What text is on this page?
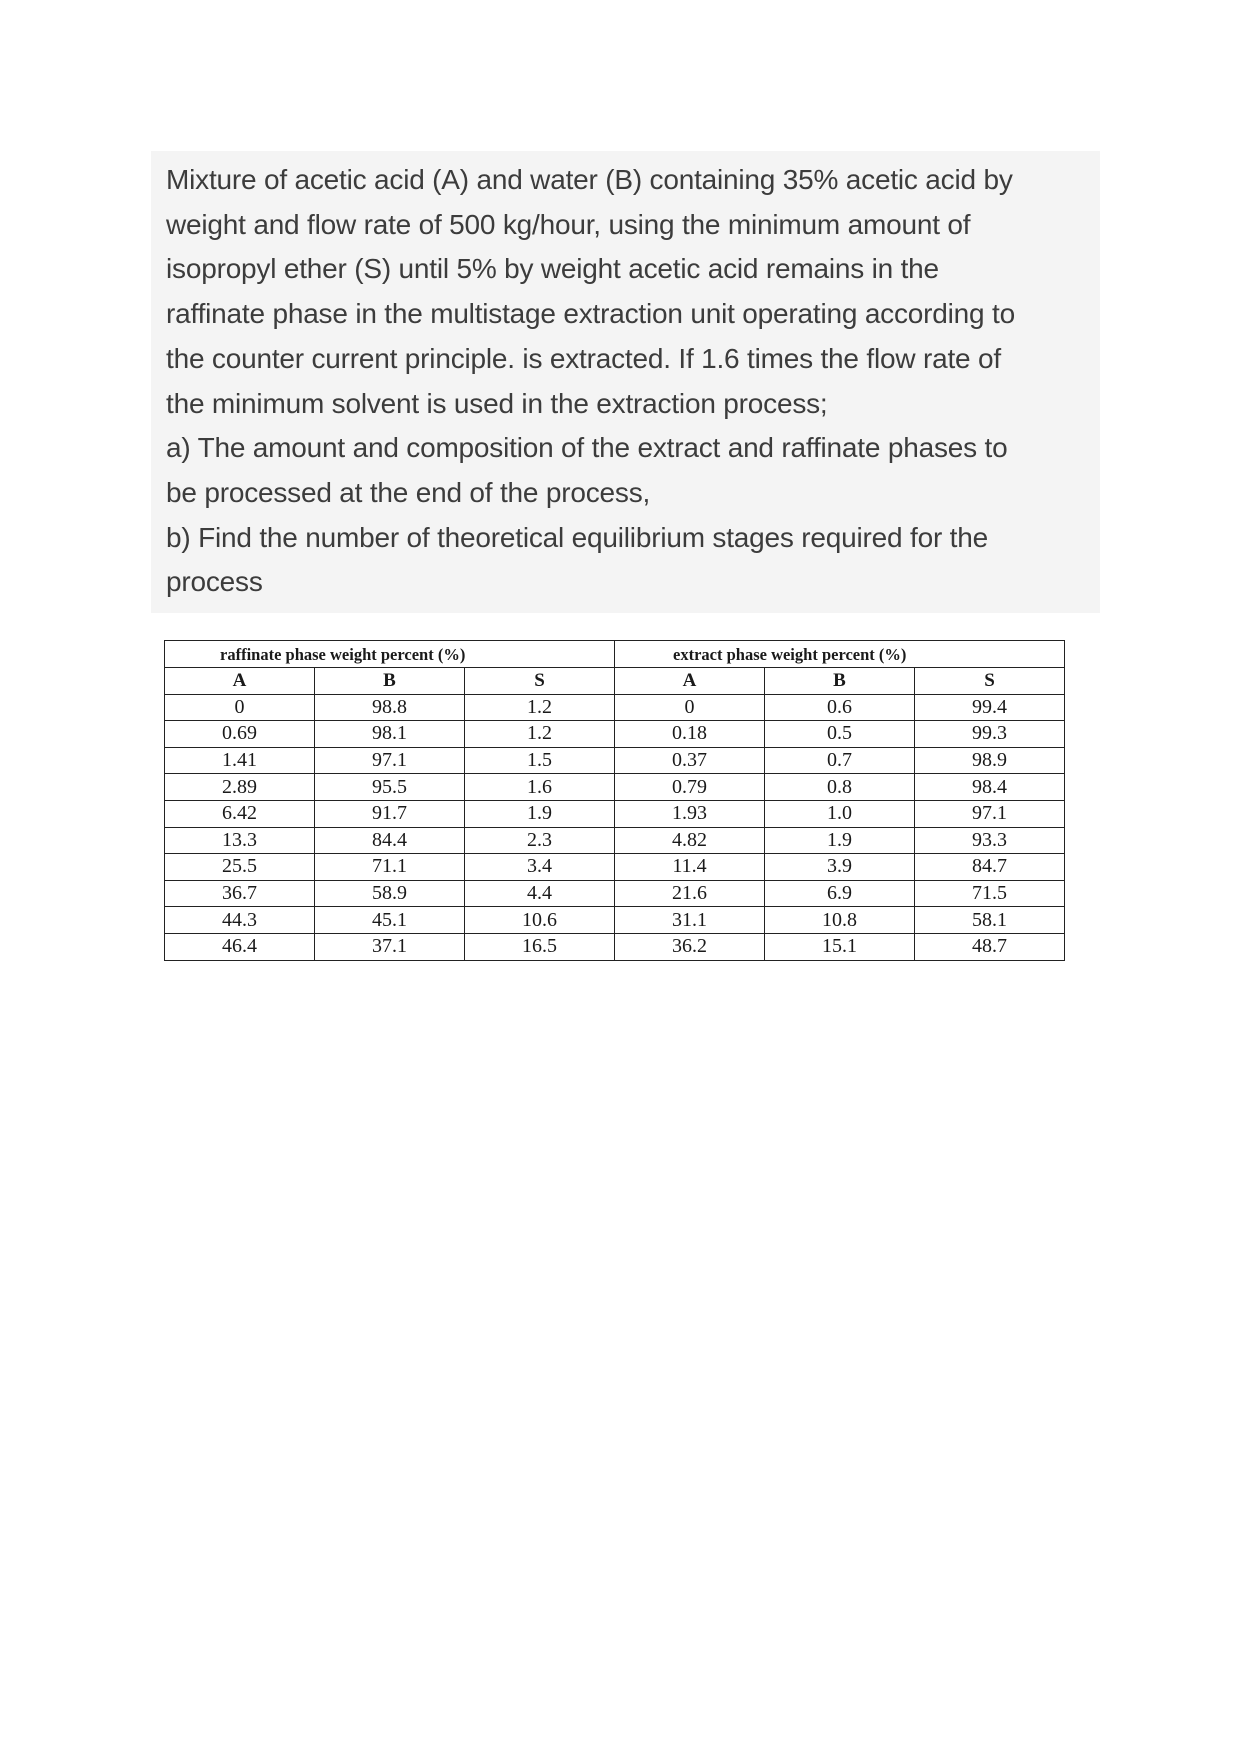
Mixture of acetic acid (A) and water (B) containing 35% acetic acid by
weight and flow rate of 500 kg/hour, using the minimum amount of
isopropyl ether (S) until 5% by weight acetic acid remains in the
raffinate phase in the multistage extraction unit operating according to
the counter current principle. is extracted. If 1.6 times the flow rate of
the minimum solvent is used in the extraction process;
a) The amount and composition of the extract and raffinate phases to
be processed at the end of the process,
b) Find the number of theoretical equilibrium stages required for the
process
raffinate phase weight percent (%)			extract phase weight percent (%)		
A	B	S	A	B	S
0	98.8	1.2	0	0.6	99.4
0.69	98.1	1.2	0.18	0.5	99.3
1.41	97.1	1.5	0.37	0.7	98.9
2.89	95.5	1.6	0.79	0.8	98.4
6.42	91.7	1.9	1.93	1.0	97.1
13.3	84.4	2.3	4.82	1.9	93.3
25.5	71.1	3.4	11.4	3.9	84.7
36.7	58.9	4.4	21.6	6.9	71.5
44.3	45.1	10.6	31.1	10.8	58.1
46.4	37.1	16.5	36.2	15.1	48.7
